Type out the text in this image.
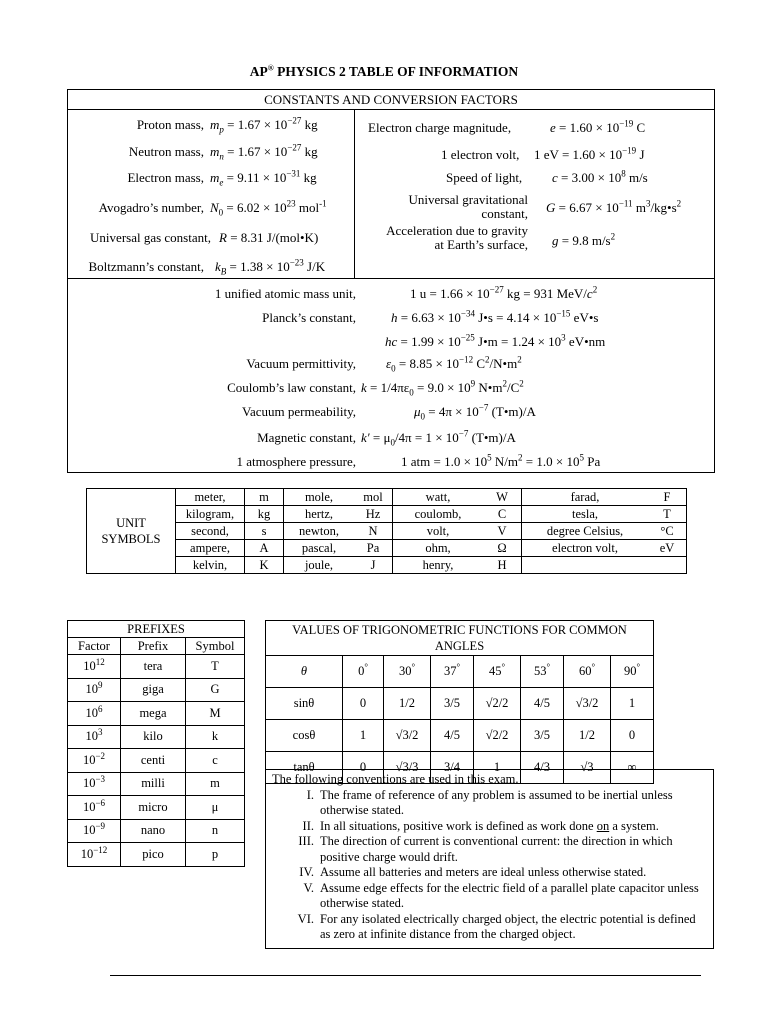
AP® PHYSICS 2 TABLE OF INFORMATION
CONSTANTS AND CONVERSION FACTORS
Proton mass, $m_p = 1.67 \times 10^{-27}$ kg
Neutron mass, $m_n = 1.67 \times 10^{-27}$ kg
Electron mass, $m_e = 9.11 \times 10^{-31}$ kg
Avogadro’s number, $N_0 = 6.02 \times 10^{23}$ mol$^{-1}$
Universal gas constant, R = 8.31 J/(mol•K)
Boltzmann’s constant, $k_B = 1.38 \times 10^{-23}$ J/K
Electron charge magnitude,	$e = 1.60 \times 10^{-19}$ C
1 electron volt, 1 eV = $1.60 \times 10^{-19}$ J
Speed of light, $c = 3.00 \times 10^8$ m/s
Universal gravitational
constant, $G = 6.67 \times 10^{-11}$ $m^3/kg•s^2$
Acceleration due to gravity
at Earth’s surface, g = 9.8 $m/s^2$
1 unified atomic mass unit,	1 $u = 1.66 \times 10^{-27}$ kg = 931 MeV/$c^2$
Planck’s constant,	$h = 6.63 \times 10^{-34}$ J•s = $4.14 \times 10^{-15}$ eV•s
hc = $1.99 \times 10^{-25}$ J•m = $1.24 \times 10^3$ eV•nm
Vacuum permittivity, $\varepsilon_0 = 8.85 \times 10^{-12}$ $C^2/N•m^2$
Coulomb’s law constant, $k = 1/4\pi\varepsilon_0 = 9.0 \times 10^9$ $N•m^2/C^2$
Vacuum permeability,	$\mu_0 = 4\pi \times 10^{-7}$ (T•m)/A
Magnetic constant, $k' = \mu_0/4\pi = 1 \times 10^{-7}$ (T•m)/A
1 atmosphere pressure,	1 atm = $1.0 \times 10^5$ $N/m^2 = 1.0 \times 10^5$ Pa
UNIT
SYMBOLS	meter,	m	mole,	mol	watt,	W	farad,	F
	kilogram,	kg	hertz,	Hz	coulomb,	C	tesla,	T
	second,	s	newton,	N	volt,	V	degree Celsius,	°C
	ampere,	A	pascal,	Pa	ohm,	Ω	electron volt,	eV
	kelvin,	K	joule,	J	henry,	H		
PREFIXES		
Factor	Prefix	Symbol
$10^{12}$	tera	T
$10^9$	giga	G
$10^6$	mega	M
$10^3$	kilo	k
$10^{-2}$	centi	c
$10^{-3}$	milli	m
$10^{-6}$	micro	μ
$10^{-9}$	nano	n
$10^{-12}$	pico	p
VALUES OF TRIGONOMETRIC FUNCTIONS FOR COMMON ANGLES							
θ	0°	30°	37°	45°	53°	60°	90°
sinθ	0	1/2	3/5	√2/2	4/5	√3/2	1
cosθ	1	√3/2	4/5	√2/2	3/5	1/2	0
tanθ	0	√3/3	3/4	1	4/3	√3	∞
The following conventions are used in this exam.
I. The frame of reference of any problem is assumed to be inertial unless otherwise stated.
II. In all situations, positive work is defined as work done on a system.
III. The direction of current is conventional current: the direction in which positive charge would drift.
IV. Assume all batteries and meters are ideal unless otherwise stated.
V. Assume edge effects for the electric field of a parallel plate capacitor unless otherwise stated.
VI. For any isolated electrically charged object, the electric potential is defined as zero at infinite distance from the charged object.
